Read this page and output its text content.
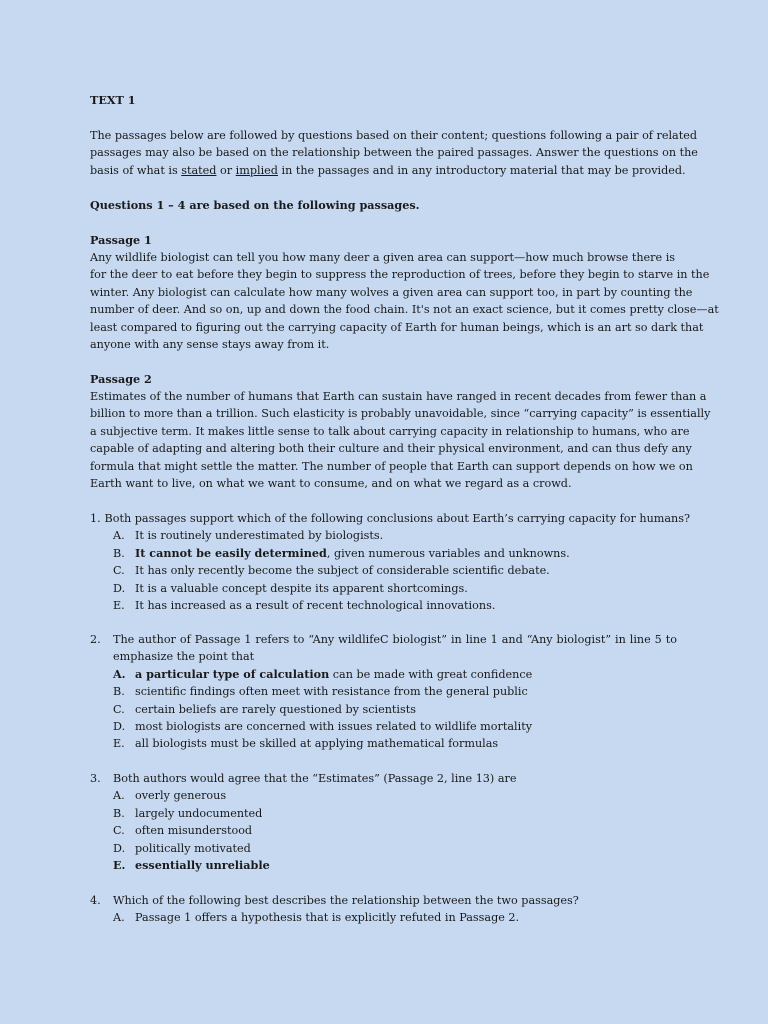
TEXT 1
The passages below are followed by questions based on their content; questions following a pair of related
passages may also be based on the relationship between the paired passages. Answer the questions on the
basis of what is stated or implied in the passages and in any introductory material that may be provided.
Questions 1 – 4 are based on the following passages.
Passage 1
Any wildlife biologist can tell you how many deer a given area can support—how much browse there is
for the deer to eat before they begin to suppress the reproduction of trees, before they begin to starve in the
winter. Any biologist can calculate how many wolves a given area can support too, in part by counting the
number of deer. And so on, up and down the food chain. It's not an exact science, but it comes pretty close—at
least compared to figuring out the carrying capacity of Earth for human beings, which is an art so dark that
anyone with any sense stays away from it.
Passage 2
Estimates of the number of humans that Earth can sustain have ranged in recent decades from fewer than a
billion to more than a trillion. Such elasticity is probably unavoidable, since “carrying capacity” is essentially
a subjective term. It makes little sense to talk about carrying capacity in relationship to humans, who are
capable of adapting and altering both their culture and their physical environment, and can thus defy any
formula that might settle the matter. The number of people that Earth can support depends on how we on
Earth want to live, on what we want to consume, and on what we regard as a crowd.
1. Both passages support which of the following conclusions about Earth’s carrying capacity for humans?
A. It is routinely underestimated by biologists.
B. It cannot be easily determined, given numerous variables and unknowns.
C. It has only recently become the subject of considerable scientific debate.
D. It is a valuable concept despite its apparent shortcomings.
E. It has increased as a result of recent technological innovations.
2.	The author of Passage 1 refers to “Any wildlifeC biologist” in line 1 and “Any biologist” in line 5 to
emphasize the point that
A. a particular type of calculation can be made with great confidence
B. scientific findings often meet with resistance from the general public
C. certain beliefs are rarely questioned by scientists
D. most biologists are concerned with issues related to wildlife mortality
E. all biologists must be skilled at applying mathematical formulas
3.	Both authors would agree that the “Estimates” (Passage 2, line 13) are
A. overly generous
B. largely undocumented
C. often misunderstood
D. politically motivated
E. essentially unreliable
4.	Which of the following best describes the relationship between the two passages?
A. Passage 1 offers a hypothesis that is explicitly refuted in Passage 2.
